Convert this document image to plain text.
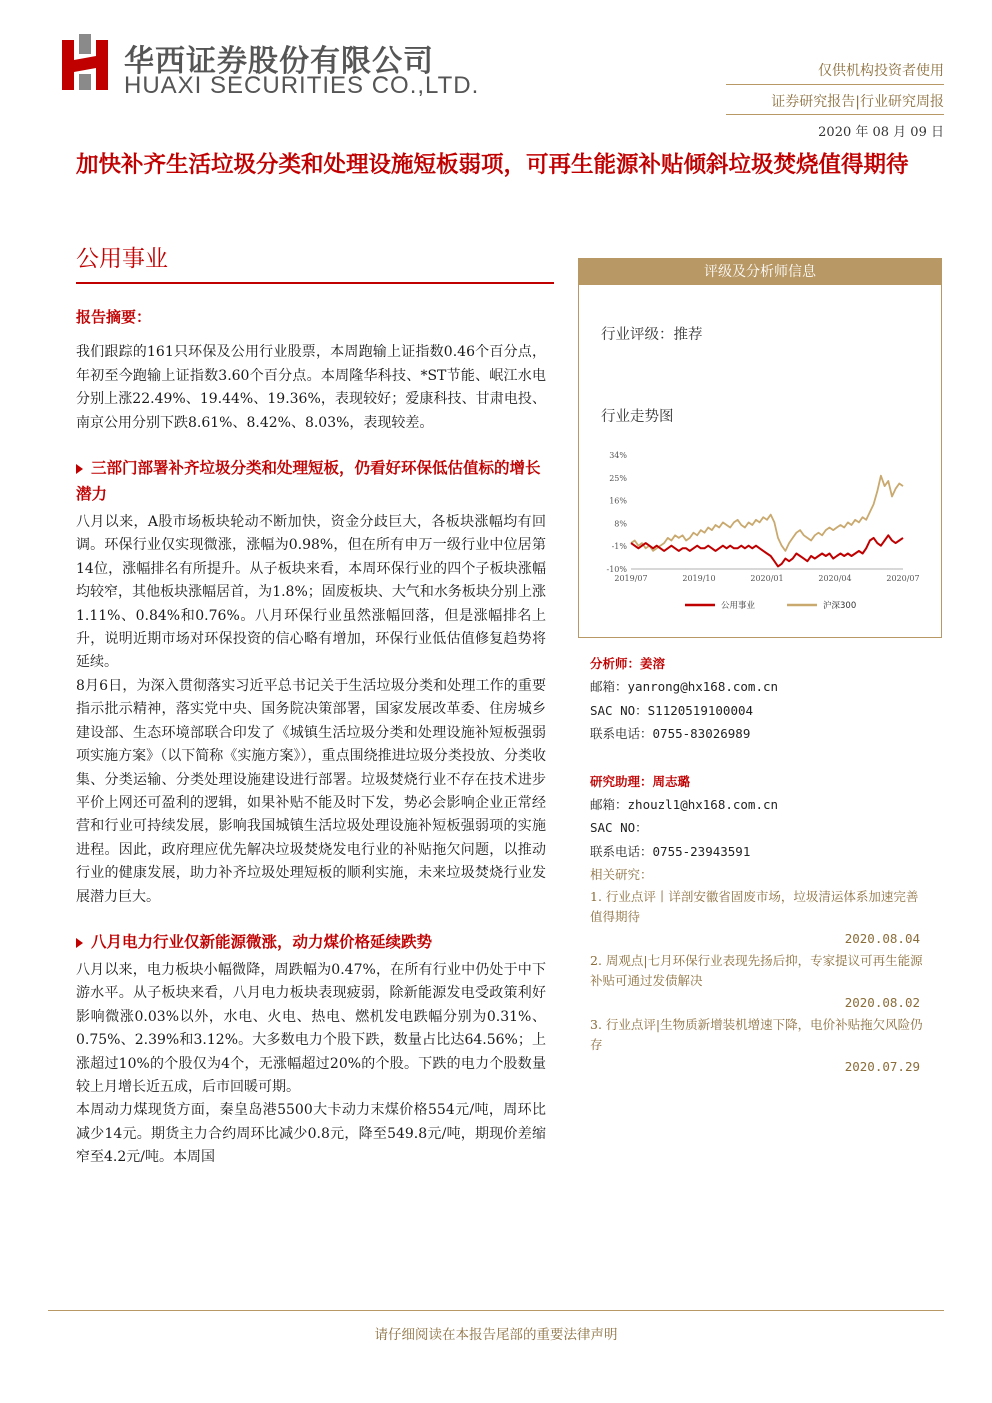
华西证券股份有限公司
HUAXI SECURITIES CO.,LTD.
仅供机构投资者使用
证券研究报告|行业研究周报
2020 年 08 月 09 日
加快补齐生活垃圾分类和处理设施短板弱项，可再生能源补贴倾斜垃圾焚烧值得期待
公用事业
报告摘要：
我们跟踪的161只环保及公用行业股票，本周跑输上证指数0.46个百分点，年初至今跑输上证指数3.60个百分点。本周隆华科技、*ST节能、岷江水电分别上涨22.49%、19.44%、19.36%，表现较好；爱康科技、甘肃电投、南京公用分别下跌8.61%、8.42%、8.03%，表现较差。
三部门部署补齐垃圾分类和处理短板，仍看好环保低估值标的增长潜力
八月以来，A股市场板块轮动不断加快，资金分歧巨大，各板块涨幅均有回调。环保行业仅实现微涨，涨幅为0.98%，但在所有申万一级行业中位居第14位，涨幅排名有所提升。从子板块来看，本周环保行业的四个子板块涨幅均较窄，其他板块涨幅居首，为1.8%；固废板块、大气和水务板块分别上涨1.11%、0.84%和0.76%。八月环保行业虽然涨幅回落，但是涨幅排名上升，说明近期市场对环保投资的信心略有增加，环保行业低估值修复趋势将延续。
8月6日，为深入贯彻落实习近平总书记关于生活垃圾分类和处理工作的重要指示批示精神，落实党中央、国务院决策部署，国家发展改革委、住房城乡建设部、生态环境部联合印发了《城镇生活垃圾分类和处理设施补短板强弱项实施方案》（以下简称《实施方案》），重点围绕推进垃圾分类投放、分类收集、分类运输、分类处理设施建设进行部署。垃圾焚烧行业不存在技术进步平价上网还可盈利的逻辑，如果补贴不能及时下发，势必会影响企业正常经营和行业可持续发展，影响我国城镇生活垃圾处理设施补短板强弱项的实施进程。因此，政府理应优先解决垃圾焚烧发电行业的补贴拖欠问题，以推动行业的健康发展，助力补齐垃圾处理短板的顺利实施，未来垃圾焚烧行业发展潜力巨大。
八月电力行业仅新能源微涨，动力煤价格延续跌势
八月以来，电力板块小幅微降，周跌幅为0.47%，在所有行业中仍处于中下游水平。从子板块来看，八月电力板块表现疲弱，除新能源发电受政策利好影响微涨0.03%以外，水电、火电、热电、燃机发电跌幅分别为0.31%、0.75%、2.39%和3.12%。大多数电力个股下跌，数量占比达64.56%；上涨超过10%的个股仅为4个，无涨幅超过20%的个股。下跌的电力个股数量较上月增长近五成，后市回暖可期。
本周动力煤现货方面，秦皇岛港5500大卡动力末煤价格554元/吨，周环比减少14元。期货主力合约周环比减少0.8元，降至549.8元/吨，期现价差缩窄至4.2元/吨。本周国
评级及分析师信息
行业评级：推荐
行业走势图
34%
25%
16%
8%
-1%
-10%
2019/07	2019/10	2020/01	2020/04	2020/07
公用事业	沪深300
分析师：姜溶
邮箱：yanrong@hx168.com.cn
SAC NO：S1120519100004
联系电话：0755-83026989
研究助理：周志璐
邮箱：zhouzl1@hx168.com.cn
SAC NO：
联系电话：0755-23943591
相关研究：
1. 行业点评丨详剖安徽省固废市场，垃圾清运体系加速完善值得期待
2020.08.04
2. 周观点|七月环保行业表现先扬后抑，专家提议可再生能源补贴可通过发债解决
2020.08.02
3. 行业点评|生物质新增装机增速下降，电价补贴拖欠风险仍存
2020.07.29
请仔细阅读在本报告尾部的重要法律声明
